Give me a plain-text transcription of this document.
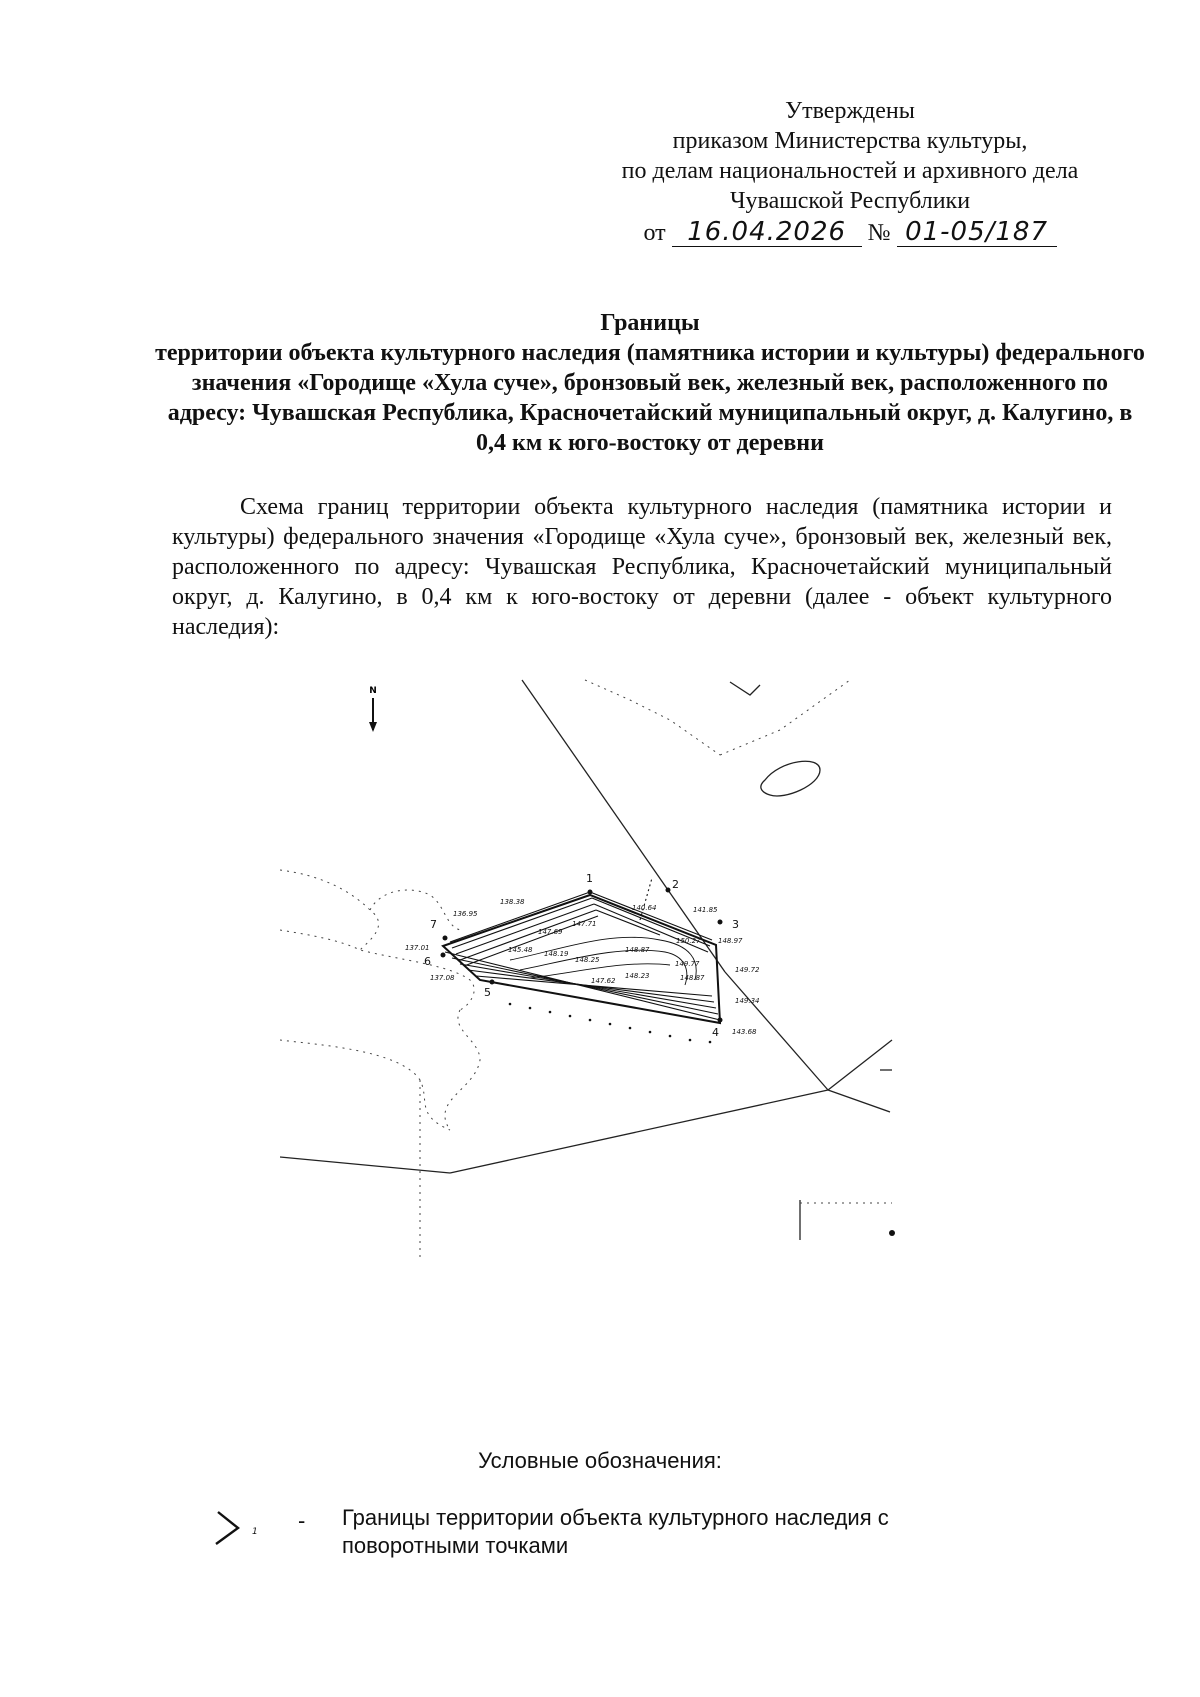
Утверждены
приказом Министерства культуры,
по делам национальностей и архивного дела
Чувашской Республики
от 16.04.2026 № 01-05/187
Границы
территории объекта культурного наследия (памятника истории и культуры) федерального значения «Городище «Хула суче», бронзовый век, железный век, расположенного по адресу: Чувашская Республика, Красночетайский муниципальный округ, д. Калугино, в 0,4 км к юго-востоку от деревни
Схема границ территории объекта культурного наследия (памятника истории и культуры) федерального значения «Городище «Хула суче», бронзовый век, железный век, расположенного по адресу: Чувашская Республика, Красночетайский муниципальный округ, д. Калугино, в 0,4 км к юго-востоку от деревни (далее - объект культурного наследия):
N
1	2
3
4
5
6
7
140.64	141.85
138.38
136.95
147.71
147.69
145.48 148.19
148.25
148.87
150.27	148.97
149.77
148.23	148.87
147.62
149.72
149.34
143.68
137.01
137.08
Условные обозначения:
1 - Границы территории объекта культурного наследия с поворотными точками
